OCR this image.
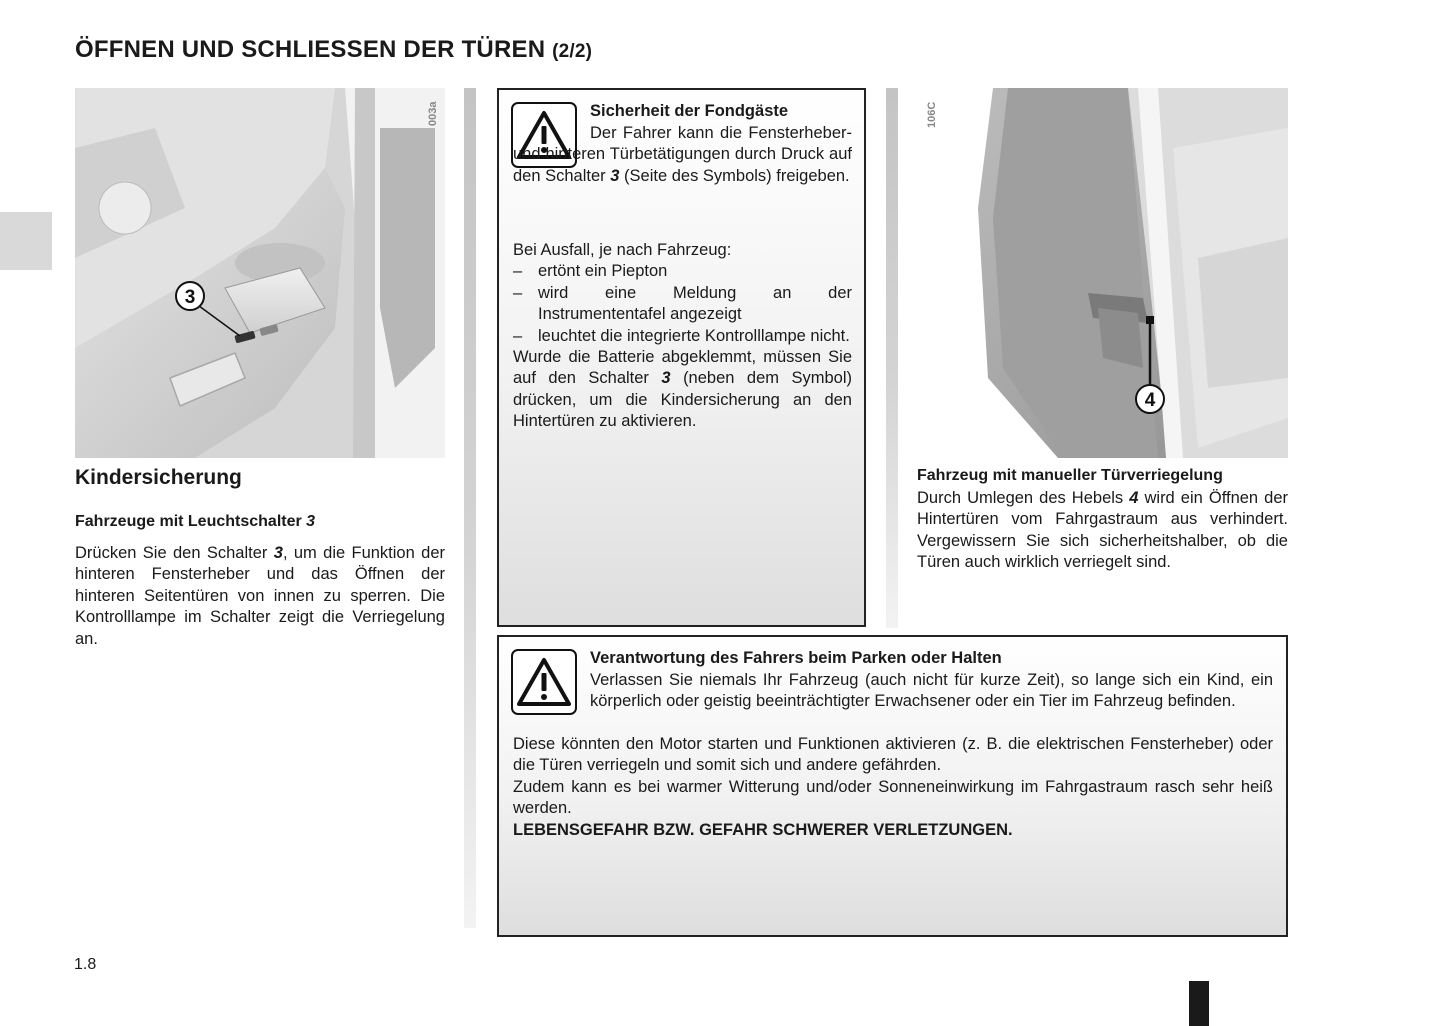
ÖFFNEN UND SCHLIESSEN DER TÜREN (2/2)
3
003a
4
106C
Kindersicherung
Fahrzeuge mit Leuchtschalter 3
Drücken Sie den Schalter 3, um die Funktion der hinteren Fensterheber und das Öffnen der hinteren Seitentüren von innen zu sperren. Die Kontrolllampe im Schalter zeigt die Verriegelung an.
Sicherheit der Fondgäste
Der Fahrer kann die Fensterheber- und hinteren Türbetätigungen durch Druck auf den Schalter 3 (Seite des Symbols) freigeben.
Bei Ausfall, je nach Fahrzeug:
– ertönt ein Piepton
– wird eine Meldung an der Instrumententafel angezeigt
– leuchtet die integrierte Kontrolllampe nicht.
Wurde die Batterie abgeklemmt, müssen Sie auf den Schalter 3 (neben dem Symbol) drücken, um die Kindersicherung an den Hintertüren zu aktivieren.
Fahrzeug mit manueller Türverriegelung
Durch Umlegen des Hebels 4 wird ein Öffnen der Hintertüren vom Fahrgastraum aus verhindert. Vergewissern Sie sich sicherheitshalber, ob die Türen auch wirklich verriegelt sind.
Verantwortung des Fahrers beim Parken oder Halten
Verlassen Sie niemals Ihr Fahrzeug (auch nicht für kurze Zeit), so lange sich ein Kind, ein körperlich oder geistig beeinträchtigter Erwachsener oder ein Tier im Fahrzeug befinden.
Diese könnten den Motor starten und Funktionen aktivieren (z. B. die elektrischen Fensterheber) oder die Türen verriegeln und somit sich und andere gefährden.
Zudem kann es bei warmer Witterung und/oder Sonneneinwirkung im Fahrgastraum rasch sehr heiß werden.
LEBENSGEFAHR BZW. GEFAHR SCHWERER VERLETZUNGEN.
1.8
